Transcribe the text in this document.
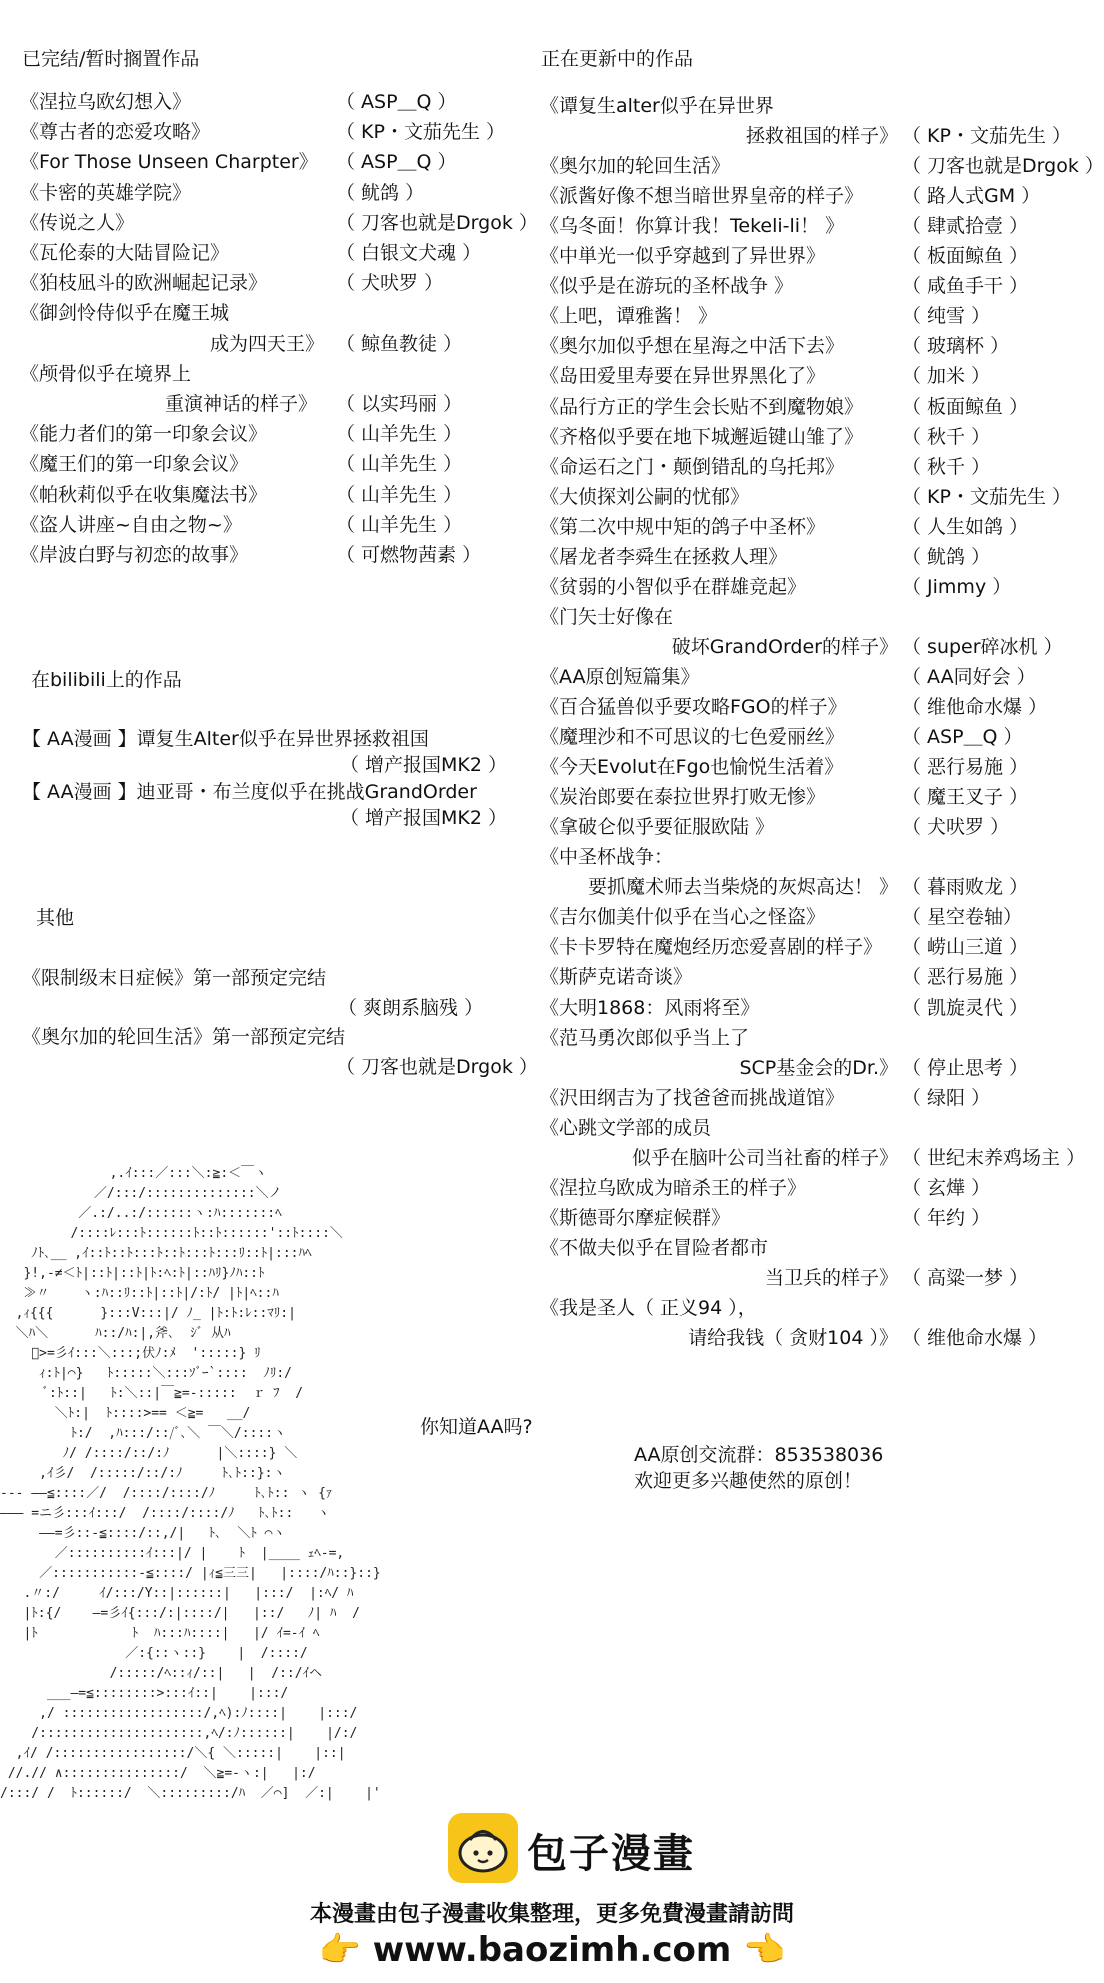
已完结/暂时搁置作品
《涅拉乌欧幻想入》	（ ASP＿Q ）
《尊古者的恋爱攻略》	（ KP・文茄先生 ）
《For Those Unseen Charpter》 （ ASP＿Q ）
《卡密的英雄学院》	（ 鱿鸽 ）
《传说之人》	（ 刀客也就是Drgok ）
《瓦伦泰的大陆冒险记》	（ 白银文犬魂 ）
《狛枝凪斗的欧洲崛起记录》	（ 犬吠罗 ）
《御剑怜侍似乎在魔王城
成为四天王》 （ 鲸鱼教徒 ）
《颅骨似乎在境界上
重演神话的样子》 （ 以实玛丽 ）
《能力者们的第一印象会议》	（ 山羊先生 ）
《魔王们的第一印象会议》	（ 山羊先生 ）
《帕秋莉似乎在收集魔法书》	（ 山羊先生 ）
《盗人讲座~自由之物~》	（ 山羊先生 ）
《岸波白野与初恋的故事》	（ 可燃物茜素 ）
在bilibili上的作品
【 AA漫画 】谭复生Alter似乎在异世界拯救祖国
（ 增产报国MK2 ）
【 AA漫画 】迪亚哥・布兰度似乎在挑战GrandOrder
（ 增产报国MK2 ）
其他
《限制级末日症候》第一部预定完结
（ 爽朗系脑残 ）
《奥尔加的轮回生活》第一部预定完结
（ 刀客也就是Drgok ）
正在更新中的作品
《谭复生alter似乎在异世界
拯救祖国的样子》 （ KP・文茄先生 ）
《奥尔加的轮回生活》	（ 刀客也就是Drgok ）
《派酱好像不想当暗世界皇帝的样子》 （ 路人式GM ）
《乌冬面！你算计我！Tekeli-li！ 》	（ 肆贰拾壹 ）
《中単光一似乎穿越到了异世界》	（ 板面鲸鱼 ）
《似乎是在游玩的圣杯战争 》	（ 咸鱼手干 ）
《上吧，谭雅酱！ 》	（ 纯雪 ）
《奥尔加似乎想在星海之中活下去》	（ 玻璃杯 ）
《岛田爱里寿要在异世界黑化了》	（ 加米 ）
《品行方正的学生会长贴不到魔物娘》 （ 板面鲸鱼 ）
《齐格似乎要在地下城邂逅键山雏了》 （ 秋千 ）
《命运石之门・颠倒错乱的乌托邦》	（ 秋千 ）
《大侦探刘公嗣的忧郁》	（ KP・文茄先生 ）
《第二次中规中矩的鸽子中圣杯》	（ 人生如鸽 ）
《屠龙者李舜生在拯救人理》	（ 鱿鸽 ）
《贫弱的小智似乎在群雄竞起》	（ Jimmy ）
《门矢士好像在
破坏GrandOrder的样子》 （ super碎冰机 ）
《AA原创短篇集》	（ AA同好会 ）
《百合猛兽似乎要攻略FGO的样子》	（ 维他命水爆 ）
《魔理沙和不可思议的七色爱丽丝》	（ ASP＿Q ）
《今天Evolut在Fgo也愉悦生活着》	（ 恶行易施 ）
《炭治郎要在泰拉世界打败无惨》	（ 魔王叉子 ）
《拿破仑似乎要征服欧陆 》	（ 犬吠罗 ）
《中圣杯战争：
要抓魔术师去当柴烧的灰烬高达！ 》 （ 暮雨败龙 ）
《吉尔伽美什似乎在当心之怪盗》	（ 星空卷轴）
《卡卡罗特在魔炮经历恋爱喜剧的样子》 （ 崂山三道 ）
《斯萨克诺奇谈》	（ 恶行易施 ）
《大明1868：风雨将至》	（ 凯旋灵代 ）
《范马勇次郎似乎当上了
SCP基金会的Dr.》 （ 停止思考 ）
《沢田纲吉为了找爸爸而挑战道馆》	（ 绿阳 ）
《心跳文学部的成员
似乎在脑叶公司当社畜的样子》 （ 世纪末养鸡场主 ）
《涅拉乌欧成为暗杀王的样子》	（ 玄燁 ）
《斯德哥尔摩症候群》	（ 年约 ）
《不做夫似乎在冒险者都市
当卫兵的样子》 （ 高粱一梦 ）
《我是圣人（ 正义94 ），
请给我钱（ 贪财104 ）》 （ 维他命水爆 ）
你知道AA吗?
AA原创交流群：853538036
欢迎更多兴趣使然的原创！
,.ｲ:::／:::＼:≧:＜￣ヽ
／/:::/::::::::::::::＼ノ
／.:/..:/::::::ヽ:ﾊ:::::::ﾍ
/::::ﾚ:::ﾄ::::::ﾄ::ﾄ::::::'::ﾄ::::＼
ﾉﾄ､__ ,ｲ::ﾄ::ﾄ:::ﾄ::ﾄ:::ﾄ:::ﾘ::ﾄ|:::ﾊﾍ
}!,-≠＜ﾄ|::ﾄ|::ﾄ|ﾄ:ﾍ:ﾄ|::ﾊﾘ}ﾉﾊ::ﾄ
≫〃    ヽ:ﾊ::ﾘ::ﾄ|::ﾄ|/:ﾄ/ |ﾄ|ﾍ::ﾊ
,ｨ{{{      }:::V:::|/ ﾉ_ |ﾄ:ﾄ:ﾚ::ﾏﾘ:|
＼ﾊ＼      ﾊ::/ﾊ:|,斧､  ｼﾞ 从ﾊ
ﾞ>=彡ｲ:::＼:::;伏ﾉ:ﾒ  ':::::} ﾘ
ｨ:ﾄ|⌒}   ﾄ:::::＼:::ｿﾞｰ`::::  ﾉﾘ:/
ﾞ:ﾄ::|   ﾄ:＼::|￣≧=-:::::  ｒ ﾌ  /
＼ﾄ:|  ﾄ::::>== ＜≧=   __/
ﾄ:/  ,ﾊ:::/::/ﾞ､＼ ￣＼/::::ヽ
ﾉ/ /::::/::/:ﾉ      |＼::::} ＼
,ｲ彡/  /:::::/::/:ﾉ     ﾄ､ﾄ::}:ヽ
--- ――≦::::／/  /::::/::::/ﾉ     ﾄ､ﾄ:: ヽ {ｧ
――― =ニ彡:::ｲ:::/  /::::/::::/ﾉ   ﾄ､ﾄ::   ヽ
――=彡::-≦::::/::,/|   ﾄ､  ＼ﾄ ⌒ヽ
／::::::::::ｲ:::|/ |    ﾄ  |____ ｪﾍ-=,
／:::::::::::-≦::::/ |ｨ≦三三|   |::::/ﾊ::}::}
.〃:/     ｲ/:::/Y::|::::::|   |:::/  |:ﾍ/ ﾊ
|ﾄ:{/    ―=彡ｲ{:::/:|::::/|   |::/   ﾉ| ﾊ  /
|ﾄ            ﾄ  ﾊ:::ﾊ::::|   |/ ｲ=-ｲ ﾍ
／:{::ヽ::}    |  /::::/
/:::::/ﾍ::ｨ/::|   |  /::/ｲヘ
___―=≦::::::::>:::ｲ::|    |:::/
,/ ::::::::::::::::::/,ﾍ):ﾉ::::|    |:::/
/:::::::::::::::::::::,ﾍ/:ﾉ::::::|    |/:/
,ｲ/ /:::::::::::::::::/＼{ ＼:::::|    |::|
//.// ∧:::::::::::::::/  ＼≧=-ヽ:|   |:/
/:::/ /  ﾄ::::::/  ＼:::::::::/ﾊ  ／⌒]  ／:|    |'
包子漫畫
本漫畫由包子漫畫收集整理，更多免費漫畫請訪問
👉 www.baozimh.com 👈
